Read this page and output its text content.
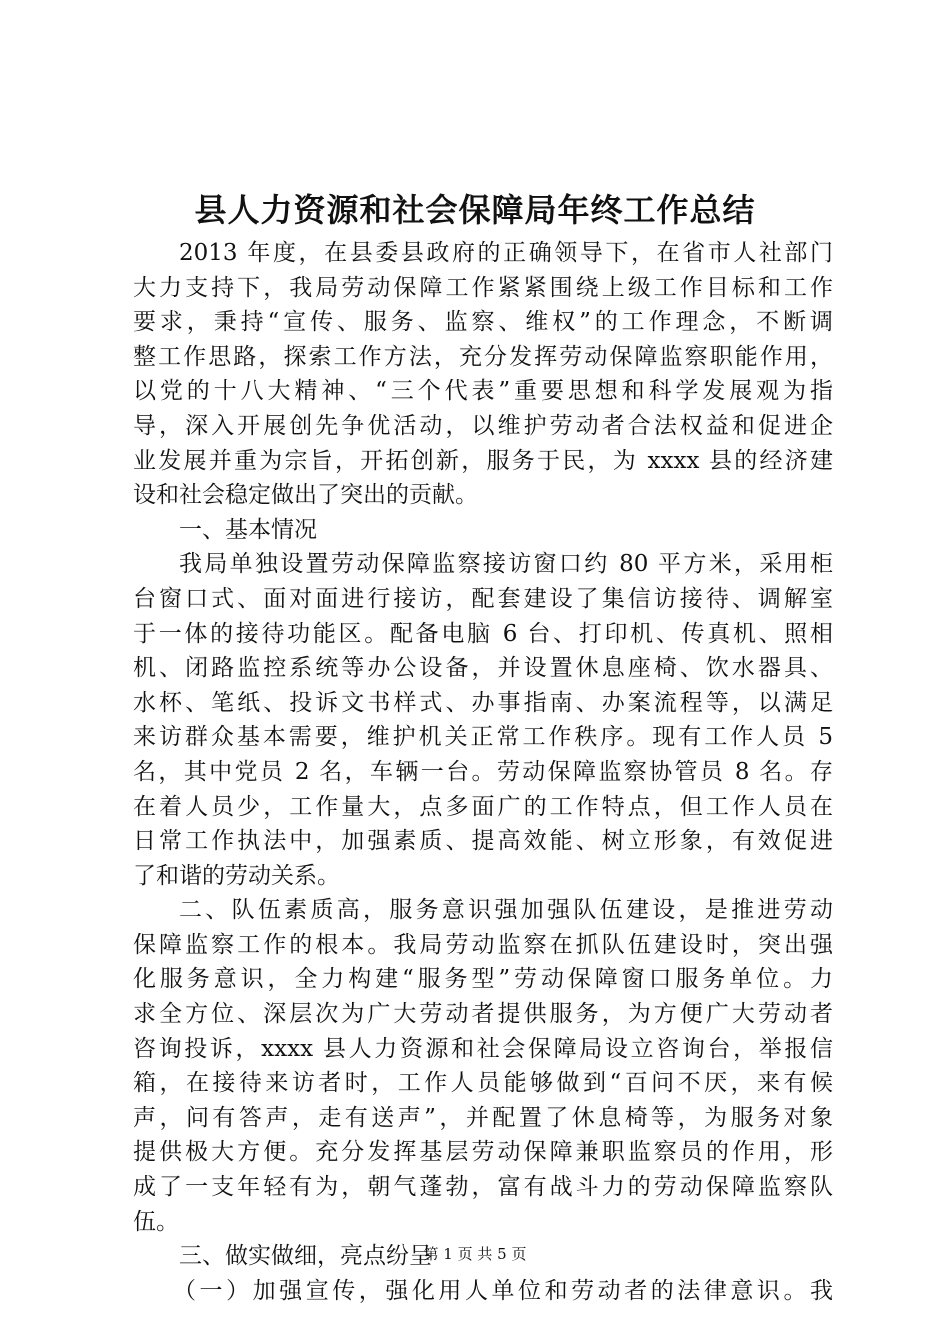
县人力资源和社会保障局年终工作总结
2013 年度，在县委县政府的正确领导下，在省市人社部门
大力支持下，我局劳动保障工作紧紧围绕上级工作目标和工作
要求，秉持“宣传、服务、监察、维权”的工作理念，不断调
整工作思路，探索工作方法，充分发挥劳动保障监察职能作用，
以党的十八大精神、“三个代表”重要思想和科学发展观为指
导，深入开展创先争优活动，以维护劳动者合法权益和促进企
业发展并重为宗旨，开拓创新，服务于民，为 xxxx 县的经济建
设和社会稳定做出了突出的贡献。
一、基本情况
我局单独设置劳动保障监察接访窗口约 80 平方米，采用柜
台窗口式、面对面进行接访，配套建设了集信访接待、调解室
于一体的接待功能区。配备电脑 6 台、打印机、传真机、照相
机、闭路监控系统等办公设备，并设置休息座椅、饮水器具、
水杯、笔纸、投诉文书样式、办事指南、办案流程等，以满足
来访群众基本需要，维护机关正常工作秩序。现有工作人员 5
名，其中党员 2 名，车辆一台。劳动保障监察协管员 8 名。存
在着人员少，工作量大，点多面广的工作特点，但工作人员在
日常工作执法中，加强素质、提高效能、树立形象，有效促进
了和谐的劳动关系。
二、队伍素质高，服务意识强加强队伍建设，是推进劳动
保障监察工作的根本。我局劳动监察在抓队伍建设时，突出强
化服务意识，全力构建“服务型”劳动保障窗口服务单位。力
求全方位、深层次为广大劳动者提供服务，为方便广大劳动者
咨询投诉，xxxx 县人力资源和社会保障局设立咨询台，举报信
箱，在接待来访者时，工作人员能够做到“百问不厌，来有候
声，问有答声，走有送声”，并配置了休息椅等，为服务对象
提供极大方便。充分发挥基层劳动保障兼职监察员的作用，形
成了一支年轻有为，朝气蓬勃，富有战斗力的劳动保障监察队
伍。
三、做实做细，亮点纷呈
（一）加强宣传，强化用人单位和劳动者的法律意识。我
第 1 页 共 5 页
